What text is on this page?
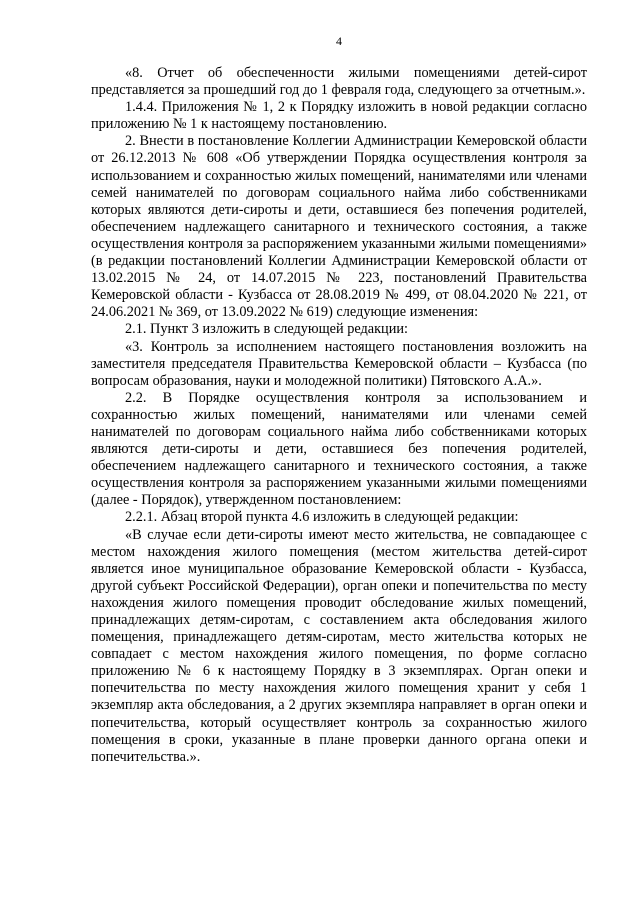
4

«8. Отчет об обеспеченности жилыми помещениями детей-сирот представляется за прошедший год до 1 февраля года, следующего за отчетным.».

1.4.4. Приложения № 1, 2 к Порядку изложить в новой редакции согласно приложению № 1 к настоящему постановлению.

2. Внести в постановление Коллегии Администрации Кемеровской области от 26.12.2013 № 608 «Об утверждении Порядка осуществления контроля за использованием и сохранностью жилых помещений, нанимателями или членами семей нанимателей по договорам социального найма либо собственниками которых являются дети-сироты и дети, оставшиеся без попечения родителей, обеспечением надлежащего санитарного и технического состояния, а также осуществления контроля за распоряжением указанными жилыми помещениями» (в редакции постановлений Коллегии Администрации Кемеровской области от 13.02.2015 № 24, от 14.07.2015 № 223, постановлений Правительства Кемеровской области - Кузбасса от 28.08.2019 № 499, от 08.04.2020 № 221, от 24.06.2021 № 369, от 13.09.2022 № 619) следующие изменения:

2.1. Пункт 3 изложить в следующей редакции:

«3. Контроль за исполнением настоящего постановления возложить на заместителя председателя Правительства Кемеровской области – Кузбасса (по вопросам образования, науки и молодежной политики) Пятовского А.А.».

2.2. В Порядке осуществления контроля за использованием и сохранностью жилых помещений, нанимателями или членами семей нанимателей по договорам социального найма либо собственниками которых являются дети-сироты и дети, оставшиеся без попечения родителей, обеспечением надлежащего санитарного и технического состояния, а также осуществления контроля за распоряжением указанными жилыми помещениями (далее - Порядок), утвержденном постановлением:

2.2.1. Абзац второй пункта 4.6 изложить в следующей редакции:

«В случае если дети-сироты имеют место жительства, не совпадающее с местом нахождения жилого помещения (местом жительства детей-сирот является иное муниципальное образование Кемеровской области - Кузбасса, другой субъект Российской Федерации), орган опеки и попечительства по месту нахождения жилого помещения проводит обследование жилых помещений, принадлежащих детям-сиротам, с составлением акта обследования жилого помещения, принадлежащего детям-сиротам, место жительства которых не совпадает с местом нахождения жилого помещения, по форме согласно приложению № 6 к настоящему Порядку в 3 экземплярах. Орган опеки и попечительства по месту нахождения жилого помещения хранит у себя 1 экземпляр акта обследования, а 2 других экземпляра направляет в орган опеки и попечительства, который осуществляет контроль за сохранностью жилого помещения в сроки, указанные в плане проверки данного органа опеки и попечительства.».
